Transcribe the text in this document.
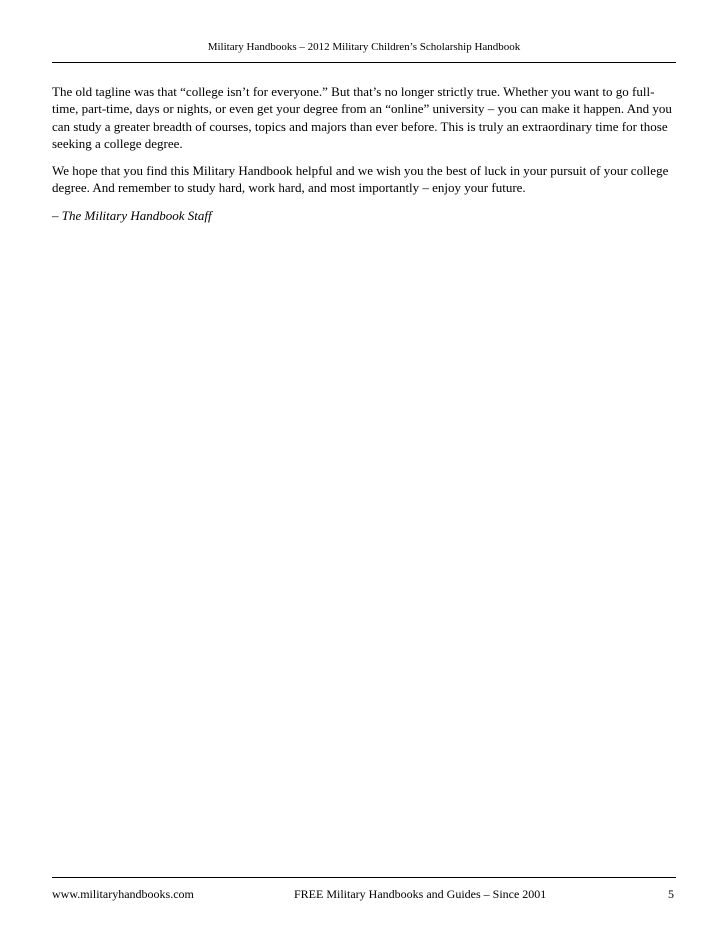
Military Handbooks – 2012 Military Children’s Scholarship Handbook

The old tagline was that “college isn’t for everyone.” But that’s no longer strictly true. Whether you want to go full-time, part-time, days or nights, or even get your degree from an “online” university – you can make it happen. And you can study a greater breadth of courses, topics and majors than ever before. This is truly an extraordinary time for those seeking a college degree.

We hope that you find this Military Handbook helpful and we wish you the best of luck in your pursuit of your college degree. And remember to study hard, work hard, and most importantly – enjoy your future.

– The Military Handbook Staff

www.militaryhandbooks.com	FREE Military Handbooks and Guides – Since 2001	5
